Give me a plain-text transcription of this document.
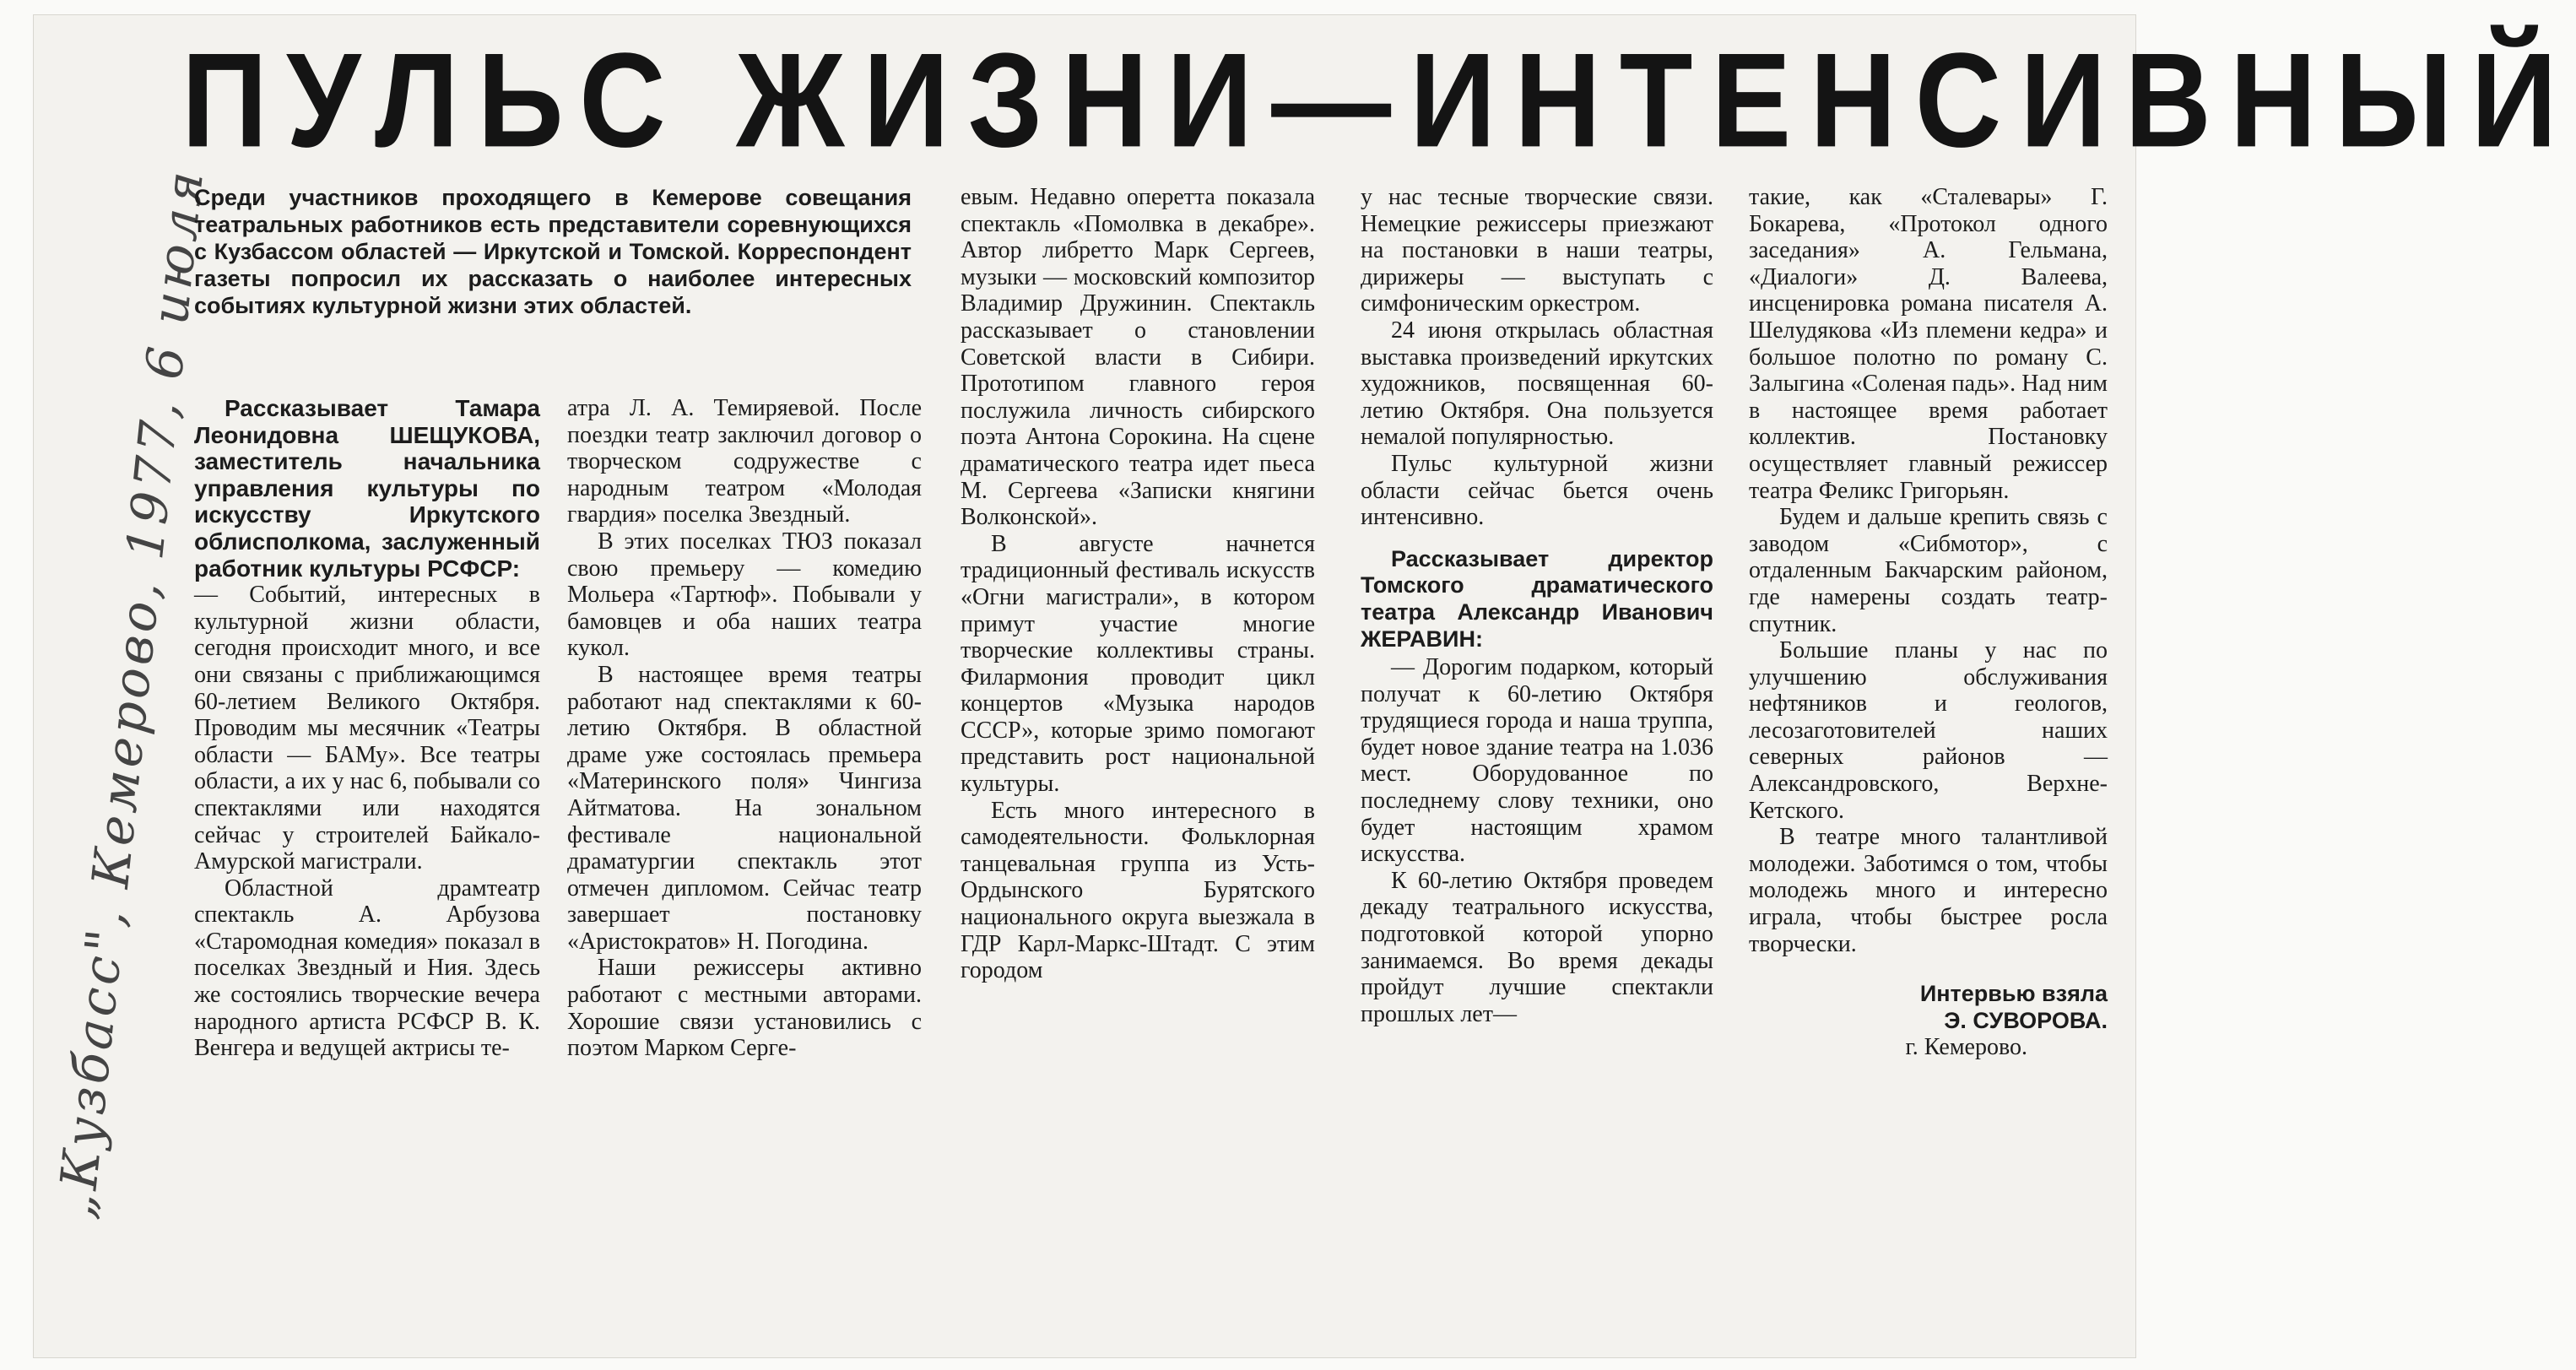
ПУЛЬС ЖИЗНИ—ИНТЕНСИВНЫЙ
„Кузбасс", Кемерово, 1977, 6 июля
Среди участников проходящего в Кемерове совещания театральных работников есть представители соревнующихся с Кузбассом областей — Иркутской и Томской. Корреспондент газеты попросил их рассказать о наиболее интересных событиях культурной жизни этих областей.

Рассказывает Тамара Леонидовна ШЕЩУКОВА, заместитель начальника управления культуры по искусству Иркутского облисполкома, заслуженный работник культуры РСФСР:

— Событий, интересных в культурной жизни области, сегодня происходит много, и все они связаны с приближающимся 60-летием Великого Октября. Проводим мы месячник «Театры области — БАМу». Все театры области, а их у нас 6, побывали со спектаклями или находятся сейчас у строителей Байкало-Амурской магистрали.

Областной драмтеатр спектакль А. Арбузова «Старомодная комедия» показал в поселках Звездный и Ния. Здесь же состоялись творческие вечера народного артиста РСФСР В. К. Венгера и ведущей актрисы те-

атра Л. А. Темиряевой. После поездки театр заключил договор о творческом содружестве с народным театром «Молодая гвардия» поселка Звездный.

В этих поселках ТЮЗ показал свою премьеру — комедию Мольера «Тартюф». Побывали у бамовцев и оба наших театра кукол.

В настоящее время театры работают над спектаклями к 60-летию Октября. В областной драме уже состоялась премьера «Материнского поля» Чингиза Айтматова. На зональном фестивале национальной драматургии спектакль этот отмечен дипломом. Сейчас театр завершает постановку «Аристократов» Н. Погодина.

Наши режиссеры активно работают с местными авторами. Хорошие связи установились с поэтом Марком Серге-

евым. Недавно оперетта показала спектакль «Помолвка в декабре». Автор либретто Марк Сергеев, музыки — московский композитор Владимир Дружинин. Спектакль рассказывает о становлении Советской власти в Сибири. Прототипом главного героя послужила личность сибирского поэта Антона Сорокина. На сцене драматического театра идет пьеса М. Сергеева «Записки княгини Волконской».

В августе начнется традиционный фестиваль искусств «Огни магистрали», в котором примут участие многие творческие коллективы страны. Филармония проводит цикл концертов «Музыка народов СССР», которые зримо помогают представить рост национальной культуры.

Есть много интересного в самодеятельности. Фольклорная танцевальная группа из Усть-Ордынского Бурятского национального округа выезжала в ГДР Карл-Маркс-Штадт. С этим городом

у нас тесные творческие связи. Немецкие режиссеры приезжают на постановки в наши театры, дирижеры — выступать с симфоническим оркестром.

24 июня открылась областная выставка произведений иркутских художников, посвященная 60-летию Октября. Она пользуется немалой популярностью.

Пульс культурной жизни области сейчас бьется очень интенсивно.

Рассказывает директор Томского драматического театра Александр Иванович ЖЕРАВИН:

— Дорогим подарком, который получат к 60-летию Октября трудящиеся города и наша труппа, будет новое здание театра на 1.036 мест. Оборудованное по последнему слову техники, оно будет настоящим храмом искусства.

К 60-летию Октября проведем декаду театрального искусства, подготовкой которой упорно занимаемся. Во время декады пройдут лучшие спектакли прошлых лет—

такие, как «Сталевары» Г. Бокарева, «Протокол одного заседания» А. Гельмана, «Диалоги» Д. Валеева, инсценировка романа писателя А. Шелудякова «Из племени кедра» и большое полотно по роману С. Залыгина «Соленая падь». Над ним в настоящее время работает коллектив. Постановку осуществляет главный режиссер театра Феликс Григорьян.

Будем и дальше крепить связь с заводом «Сибмотор», с отдаленным Бакчарским районом, где намерены создать театр-спутник.

Большие планы у нас по улучшению обслуживания нефтяников и геологов, лесозаготовителей наших северных районов — Александровского, Верхне-Кетского.

В театре много талантливой молодежи. Заботимся о том, чтобы молодежь много и интересно играла, чтобы быстрее росла творчески.

Интервью взяла
Э. СУВОРОВА.
г. Кемерово.
